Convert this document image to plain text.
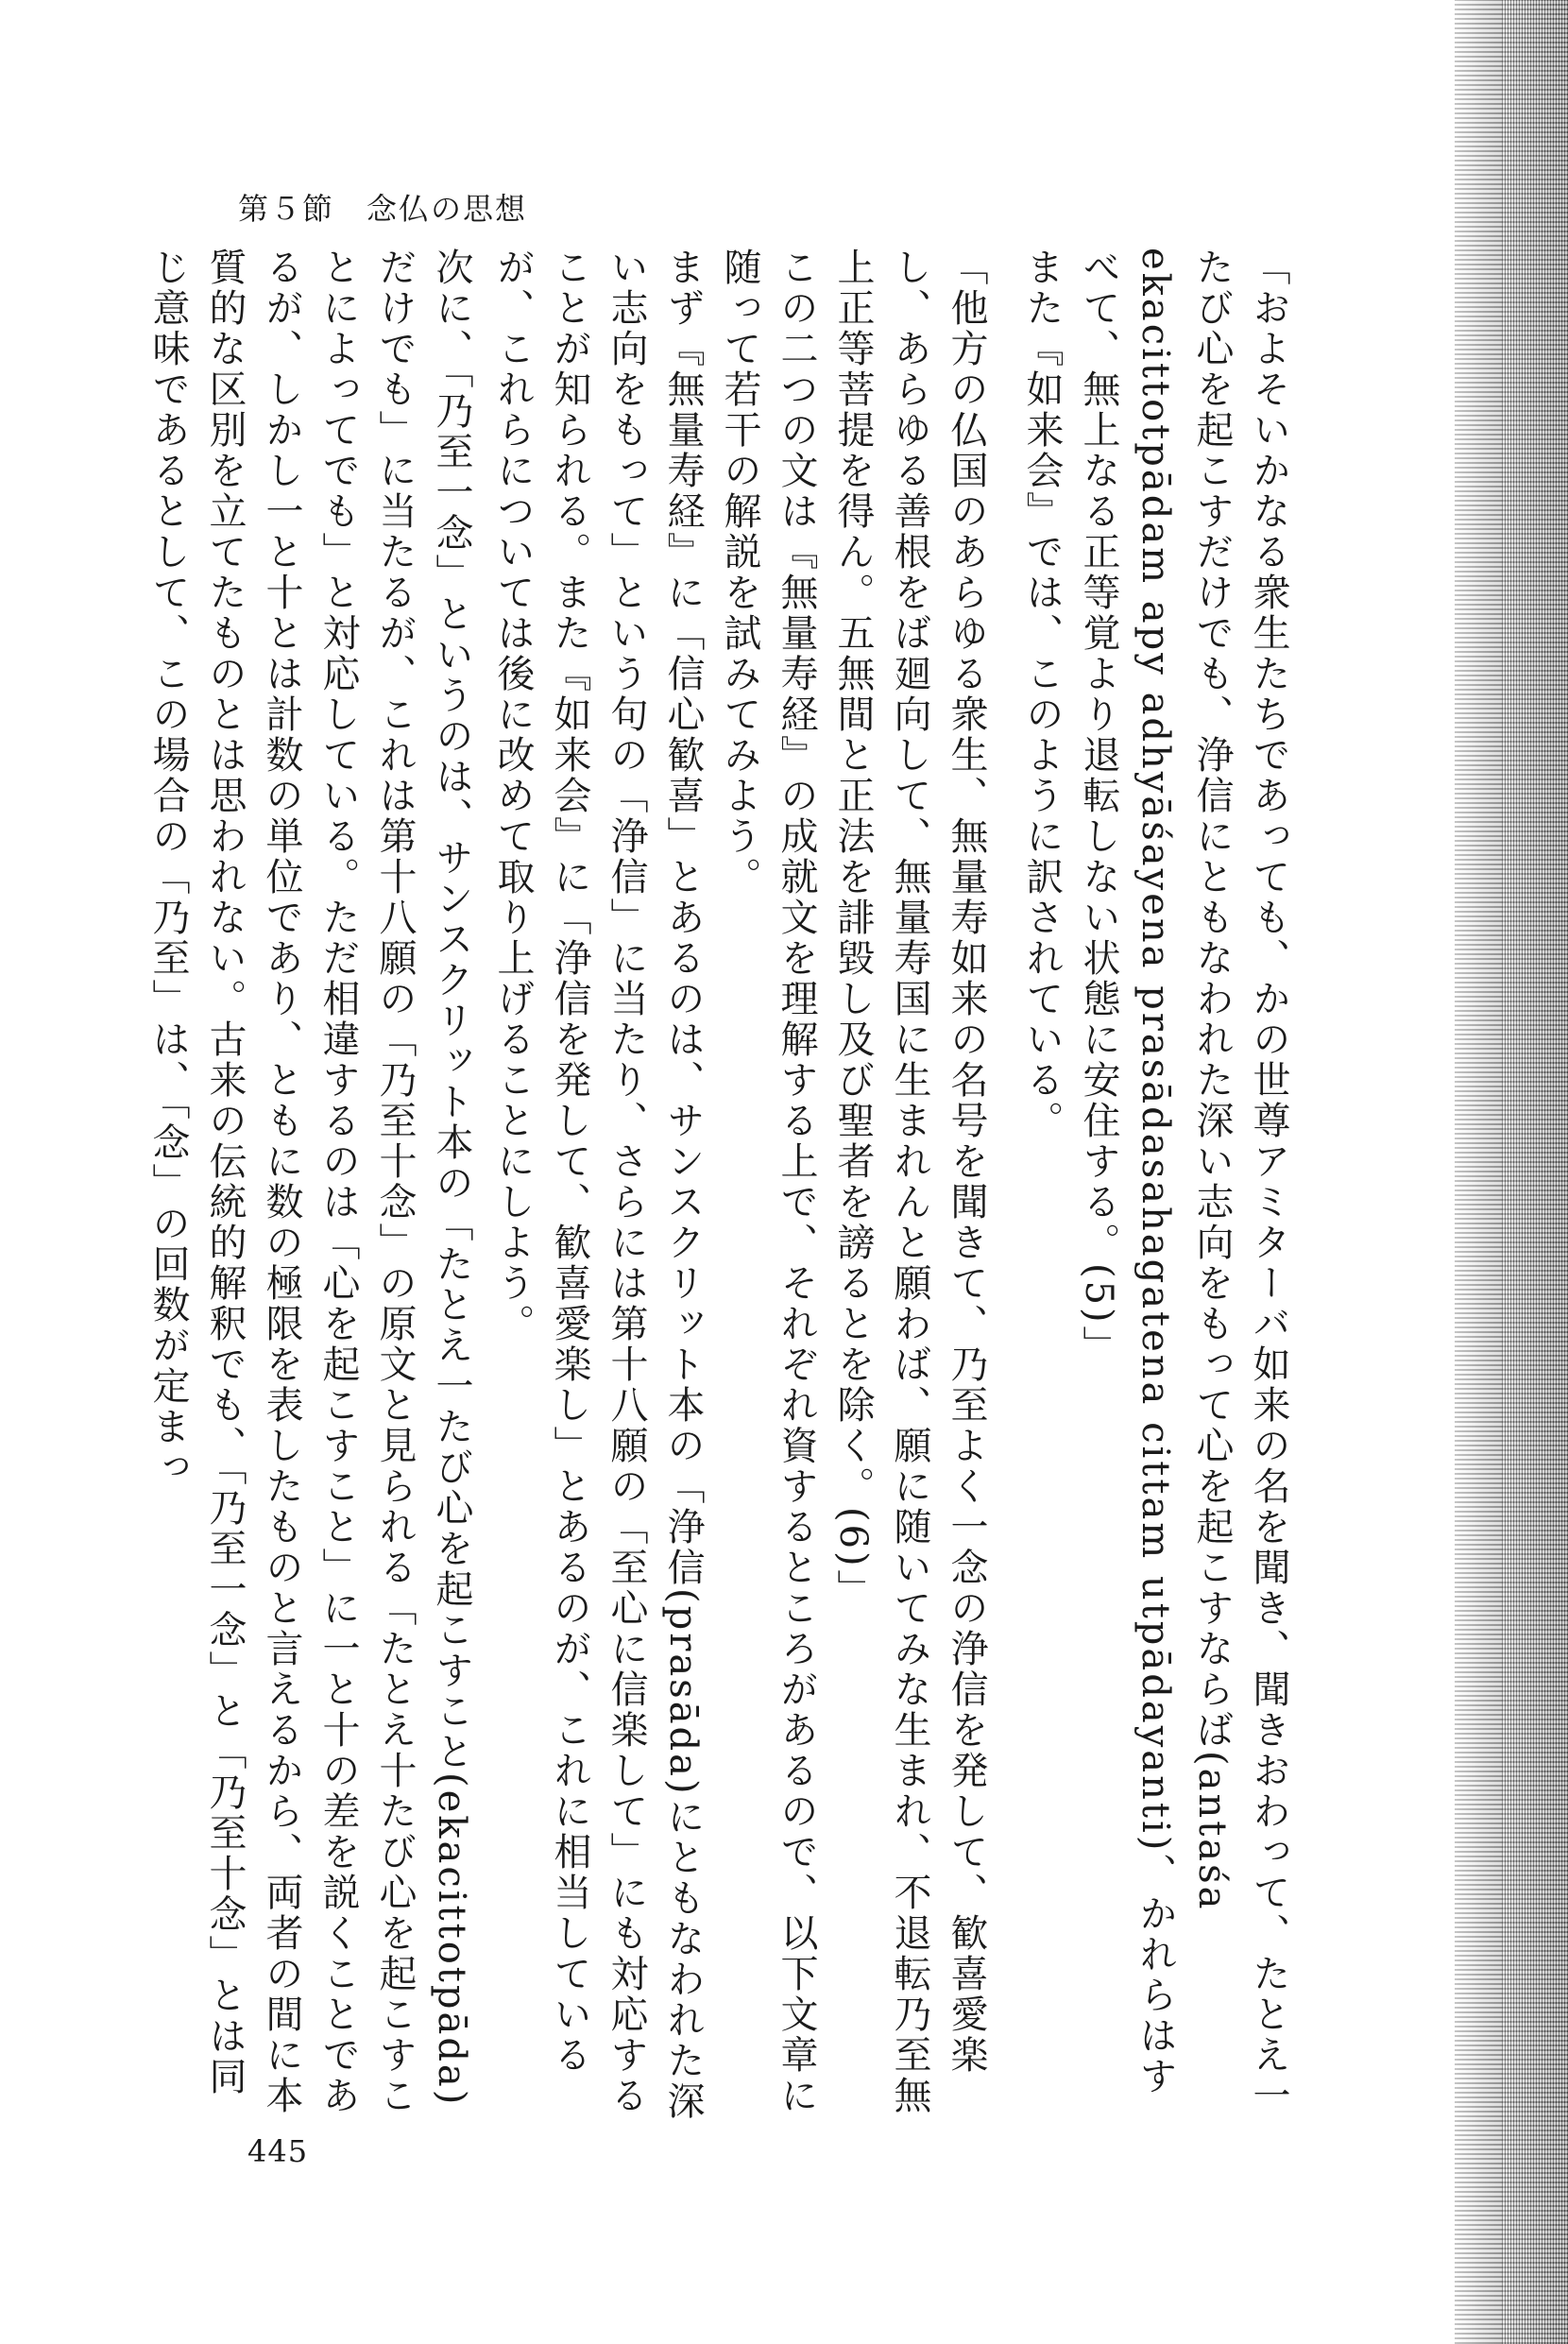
第５節　念仏の思想

「およそいかなる衆生たちであっても、かの世尊アミターバ如来の名を聞き、聞きおわって、たとえ一たび心を起こすだけでも、浄信にともなわれた深い志向をもって心を起こすならば(antaśa ekacittotpādam apy adhyāśayena prasādasahagatena cittam utpādayanti)、かれらはすべて、無上なる正等覚より退転しない状態に安住する。(5)」

また『如来会』では、このように訳されている。

「他方の仏国のあらゆる衆生、無量寿如来の名号を聞きて、乃至よく一念の浄信を発して、歓喜愛楽し、あらゆる善根をば廻向して、無量寿国に生まれんと願わば、願に随いてみな生まれ、不退転乃至無上正等菩提を得ん。五無間と正法を誹毀し及び聖者を謗るとを除く。(6)」

この二つの文は『無量寿経』の成就文を理解する上で、それぞれ資するところがあるので、以下文章に随って若干の解説を試みてみよう。

まず『無量寿経』に「信心歓喜」とあるのは、サンスクリット本の「浄信(prasāda)にともなわれた深い志向をもって」という句の「浄信」に当たり、さらには第十八願の「至心に信楽して」にも対応することが知られる。また『如来会』に「浄信を発して、歓喜愛楽し」とあるのが、これに相当しているが、これらについては後に改めて取り上げることにしよう。

次に、「乃至一念」というのは、サンスクリット本の「たとえ一たび心を起こすこと(ekacittotpāda)だけでも」に当たるが、これは第十八願の「乃至十念」の原文と見られる「たとえ十たび心を起こすことによってでも」と対応している。ただ相違するのは「心を起こすこと」に一と十の差を説くことであるが、しかし一と十とは計数の単位であり、ともに数の極限を表したものと言えるから、両者の間に本質的な区別を立てたものとは思われない。古来の伝統的解釈でも、「乃至一念」と「乃至十念」とは同じ意味であるとして、この場合の「乃至」は、「念」の回数が定まっ

445
